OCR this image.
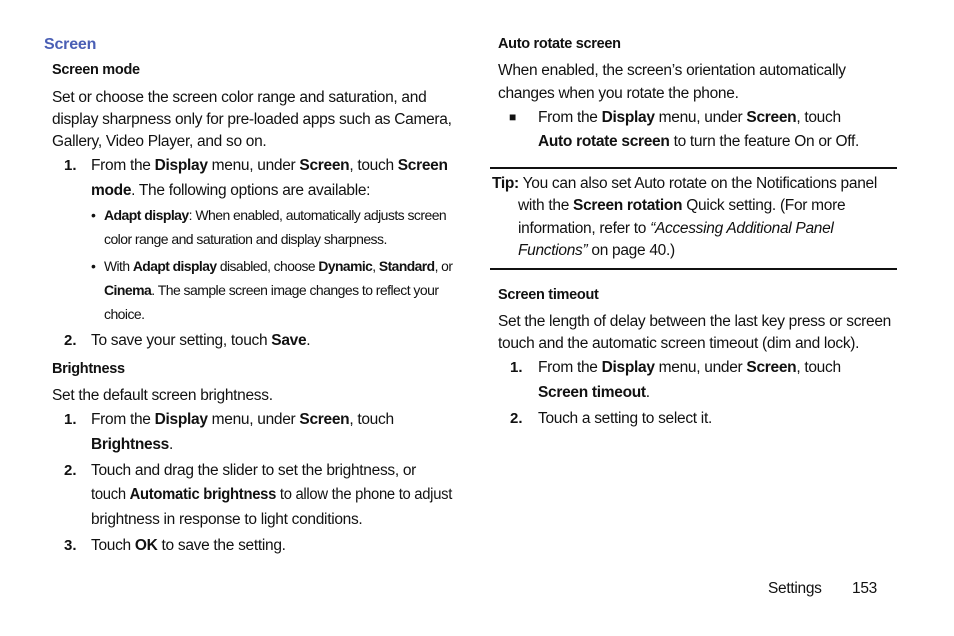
Screen
Screen mode
Set or choose the screen color range and saturation, and
display sharpness only for pre-loaded apps such as Camera,
Gallery, Video Player, and so on.
1. From the Display menu, under Screen, touch Screen
mode. The following options are available:
• Adapt display: When enabled, automatically adjusts screen
color range and saturation and display sharpness.
• With Adapt display disabled, choose Dynamic, Standard, or
Cinema. The sample screen image changes to reflect your
choice.
2. To save your setting, touch Save.
Brightness
Set the default screen brightness.
1. From the Display menu, under Screen, touch
Brightness.
2. Touch and drag the slider to set the brightness, or
touch Automatic brightness to allow the phone to adjust
brightness in response to light conditions.
3. Touch OK to save the setting.
Auto rotate screen
When enabled, the screen’s orientation automatically
changes when you rotate the phone.
■ From the Display menu, under Screen, touch
Auto rotate screen to turn the feature On or Off.
Tip: You can also set Auto rotate on the Notifications panel
with the Screen rotation Quick setting. (For more
information, refer to “Accessing Additional Panel
Functions” on page 40.)
Screen timeout
Set the length of delay between the last key press or screen
touch and the automatic screen timeout (dim and lock).
1. From the Display menu, under Screen, touch
Screen timeout.
2. Touch a setting to select it.
Settings 153
